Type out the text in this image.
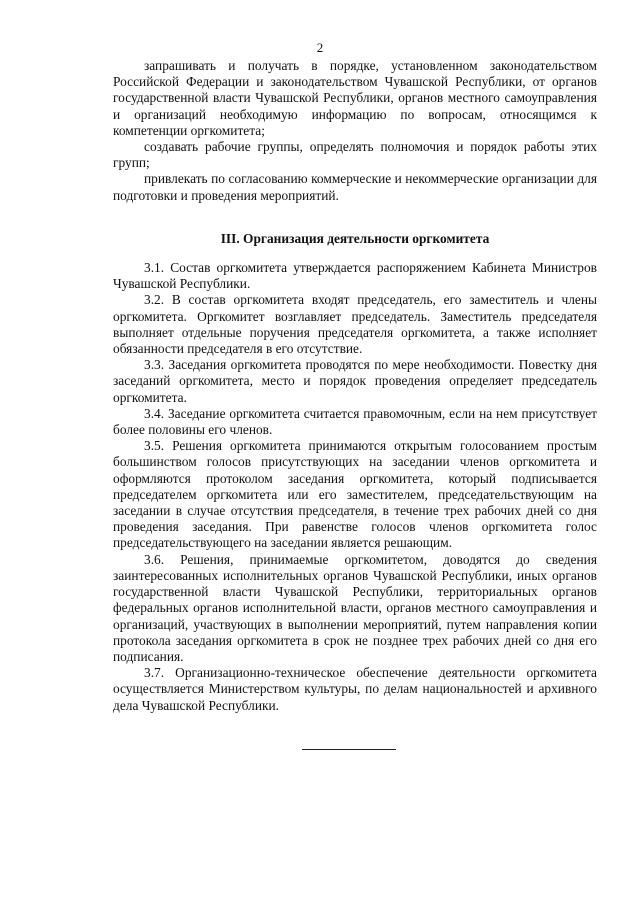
2

запрашивать и получать в порядке, установленном законодательством Российской Федерации и законодательством Чувашской Республики, от органов государственной власти Чувашской Республики, органов местного самоуправления и организаций необходимую информацию по вопросам, относящимся к компетенции оргкомитета;

создавать рабочие группы, определять полномочия и порядок работы этих групп;

привлекать по согласованию коммерческие и некоммерческие организации для подготовки и проведения мероприятий.

III. Организация деятельности оргкомитета

3.1. Состав оргкомитета утверждается распоряжением Кабинета Министров Чувашской Республики.

3.2. В состав оргкомитета входят председатель, его заместитель и члены оргкомитета. Оргкомитет возглавляет председатель. Заместитель председателя выполняет отдельные поручения председателя оргкомитета, а также исполняет обязанности председателя в его отсутствие.

3.3. Заседания оргкомитета проводятся по мере необходимости. Повестку дня заседаний оргкомитета, место и порядок проведения определяет председатель оргкомитета.

3.4. Заседание оргкомитета считается правомочным, если на нем присутствует более половины его членов.

3.5. Решения оргкомитета принимаются открытым голосованием простым большинством голосов присутствующих на заседании членов оргкомитета и оформляются протоколом заседания оргкомитета, который подписывается председателем оргкомитета или его заместителем, председательствующим на заседании в случае отсутствия председателя, в течение трех рабочих дней со дня проведения заседания. При равенстве голосов членов оргкомитета голос председательствующего на заседании является решающим.

3.6. Решения, принимаемые оргкомитетом, доводятся до сведения заинтересованных исполнительных органов Чувашской Республики, иных органов государственной власти Чувашской Республики, территориальных органов федеральных органов исполнительной власти, органов местного самоуправления и организаций, участвующих в выполнении мероприятий, путем направления копии протокола заседания оргкомитета в срок не позднее трех рабочих дней со дня его подписания.

3.7. Организационно-техническое обеспечение деятельности оргкомитета осуществляется Министерством культуры, по делам национальностей и архивного дела Чувашской Республики.
